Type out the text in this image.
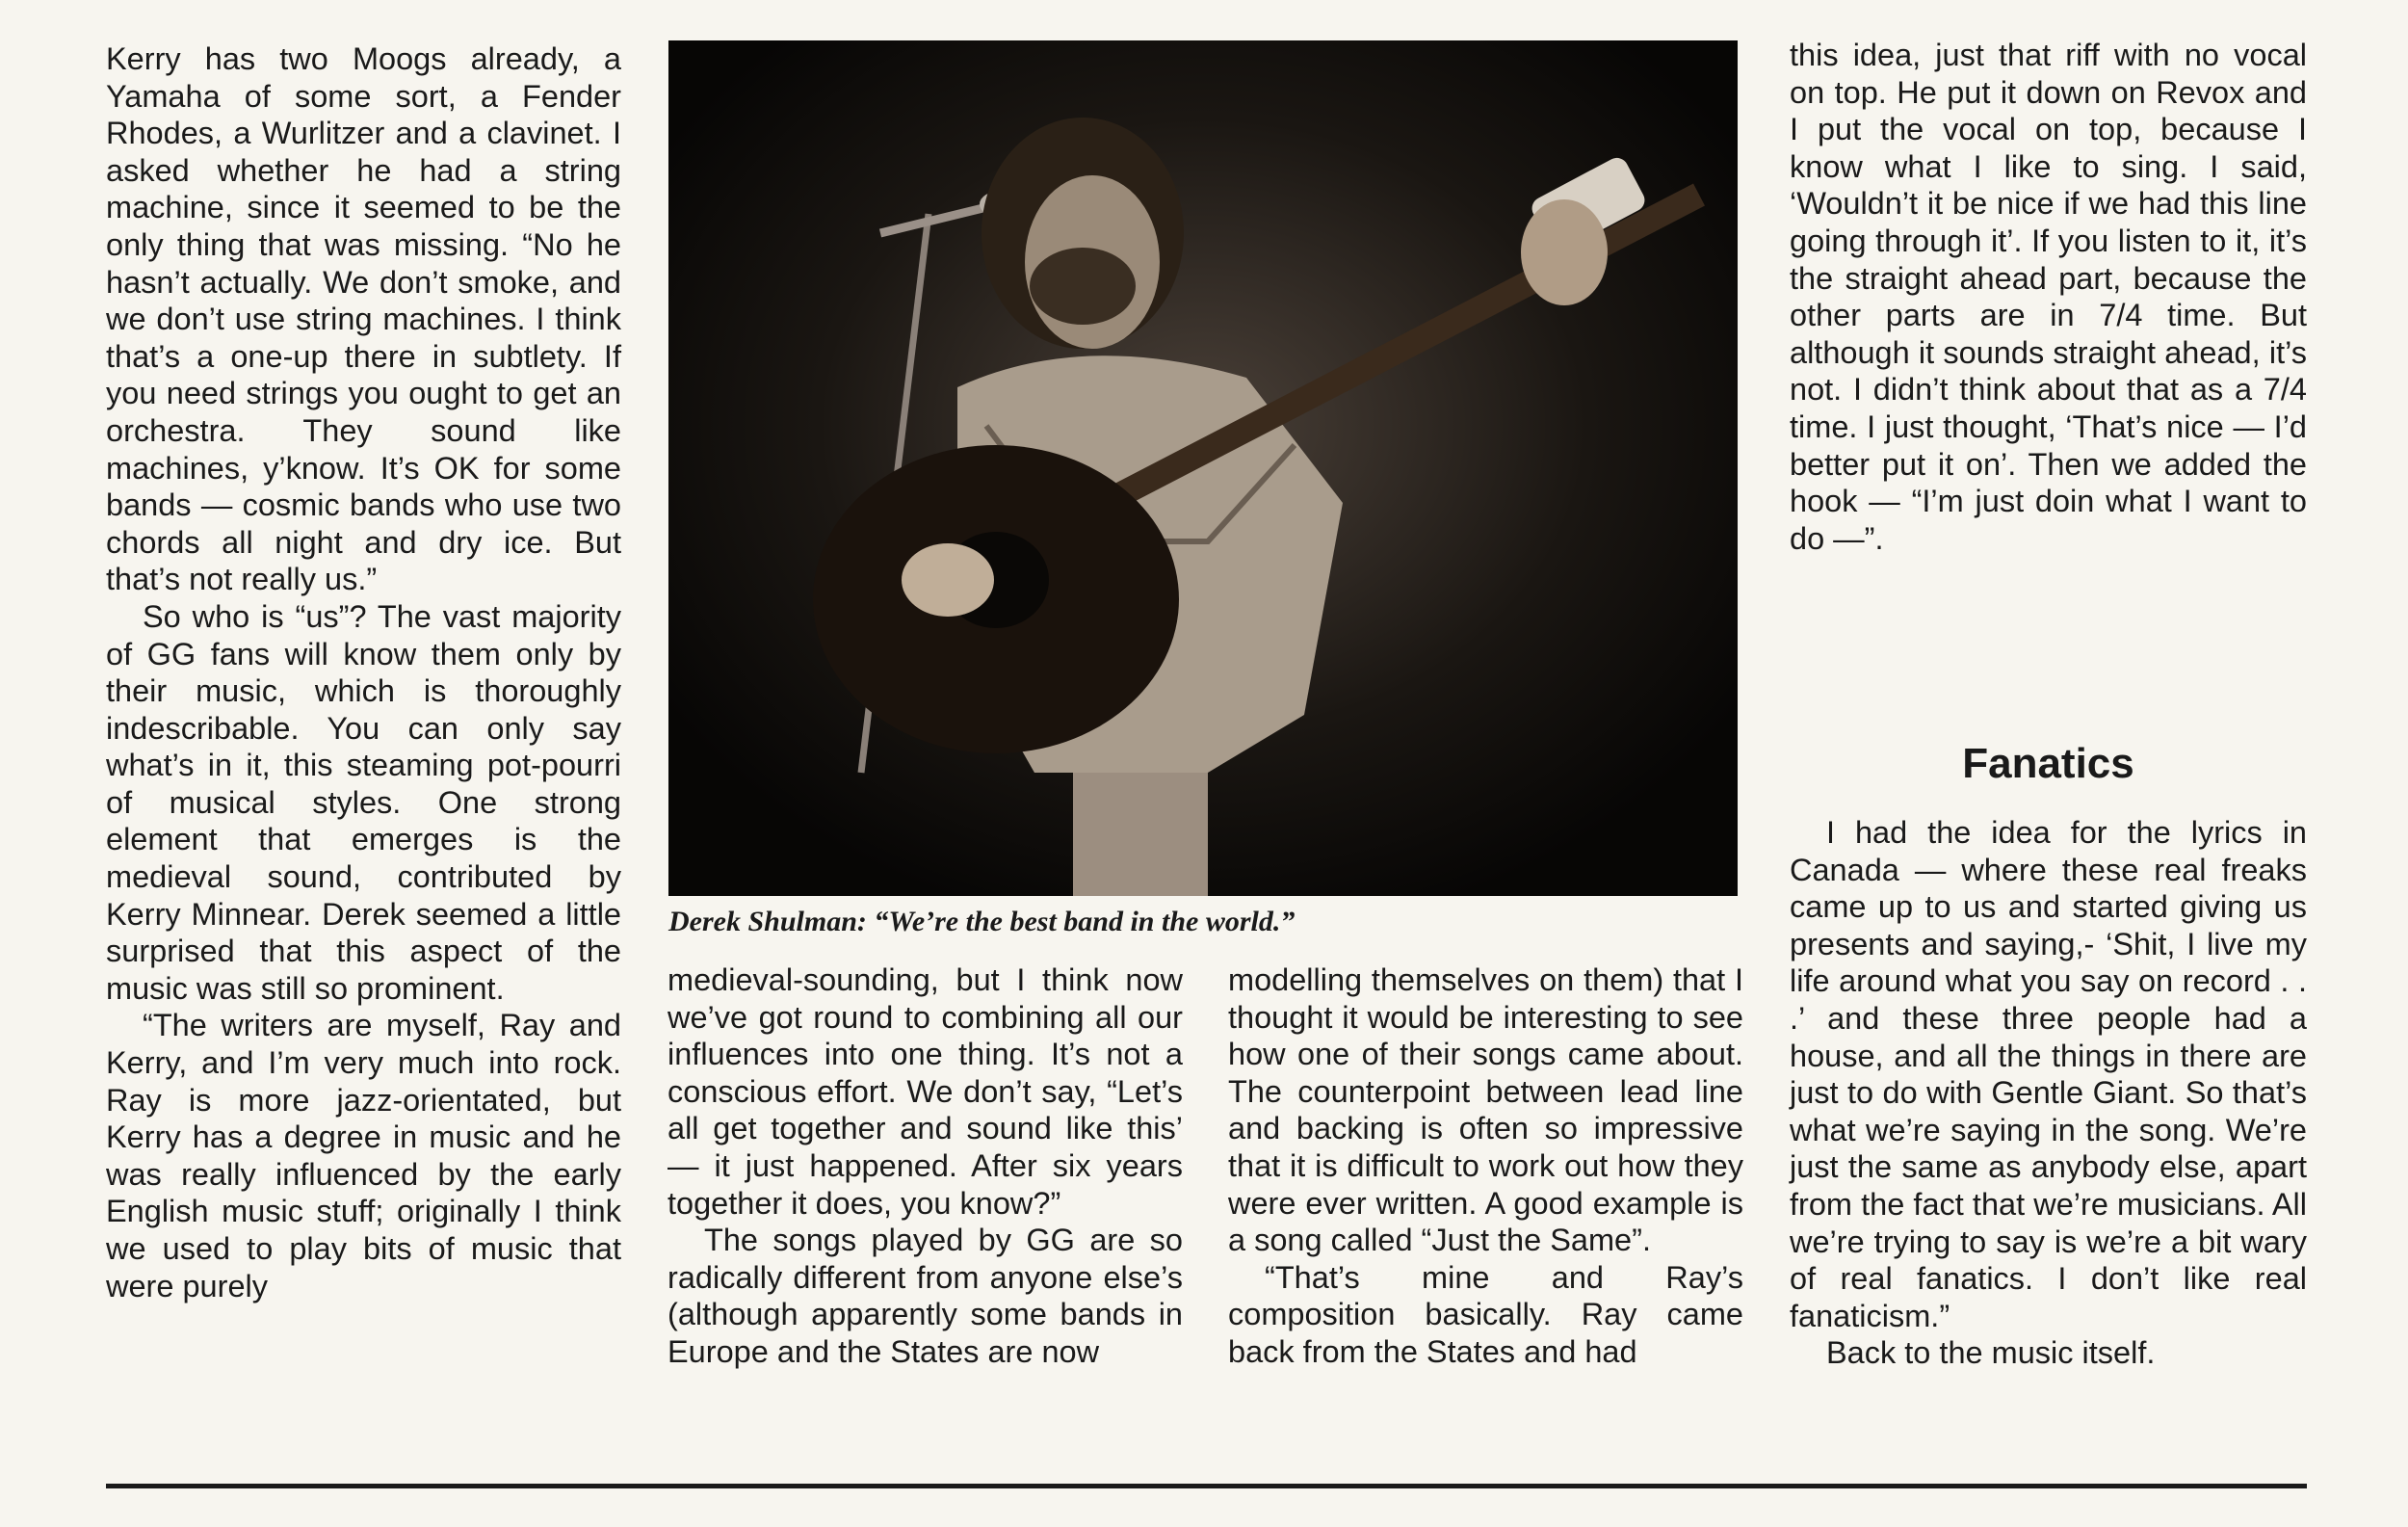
Kerry has two Moogs already, a Yamaha of some sort, a Fender Rhodes, a Wurlitzer and a clavinet. I asked whether he had a string machine, since it seemed to be the only thing that was missing. “No he hasn’t actually. We don’t smoke, and we don’t use string machines. I think that’s a one-up there in subtlety. If you need strings you ought to get an orchestra. They sound like machines, y’know. It’s OK for some bands — cosmic bands who use two chords all night and dry ice. But that’s not really us.”

So who is “us”? The vast majority of GG fans will know them only by their music, which is thoroughly indescribable. You can only say what’s in it, this steaming pot-pourri of musical styles. One strong element that emerges is the medieval sound, contributed by Kerry Minnear. Derek seemed a little surprised that this aspect of the music was still so prominent.

“The writers are myself, Ray and Kerry, and I’m very much into rock. Ray is more jazz-orientated, but Kerry has a degree in music and he was really influenced by the early English music stuff; originally I think we used to play bits of music that were purely

Derek Shulman: “We’re the best band in the world.”

medieval-sounding, but I think now we’ve got round to combining all our influences into one thing. It’s not a conscious effort. We don’t say, “Let’s all get together and sound like this’ — it just happened. After six years together it does, you know?”

The songs played by GG are so radically different from anyone else’s (although apparently some bands in Europe and the States are now

modelling themselves on them) that I thought it would be interesting to see how one of their songs came about. The counterpoint between lead line and backing is often so impressive that it is difficult to work out how they were ever written. A good example is a song called “Just the Same”.

“That’s mine and Ray’s composition basically. Ray came back from the States and had

this idea, just that riff with no vocal on top. He put it down on Revox and I put the vocal on top, because I know what I like to sing. I said, ‘Wouldn’t it be nice if we had this line going through it’. If you listen to it, it’s the straight ahead part, because the other parts are in 7/4 time. But although it sounds straight ahead, it’s not. I didn’t think about that as a 7/4 time. I just thought, ‘That’s nice — I’d better put it on’. Then we added the hook — “I’m just doin what I want to do —”.

Fanatics

I had the idea for the lyrics in Canada — where these real freaks came up to us and started giving us presents and saying,- ‘Shit, I live my life around what you say on record . . .’ and these three people had a house, and all the things in there are just to do with Gentle Giant. So that’s what we’re saying in the song. We’re just the same as anybody else, apart from the fact that we’re musicians. All we’re trying to say is we’re a bit wary of real fanatics. I don’t like real fanaticism.”

Back to the music itself.
